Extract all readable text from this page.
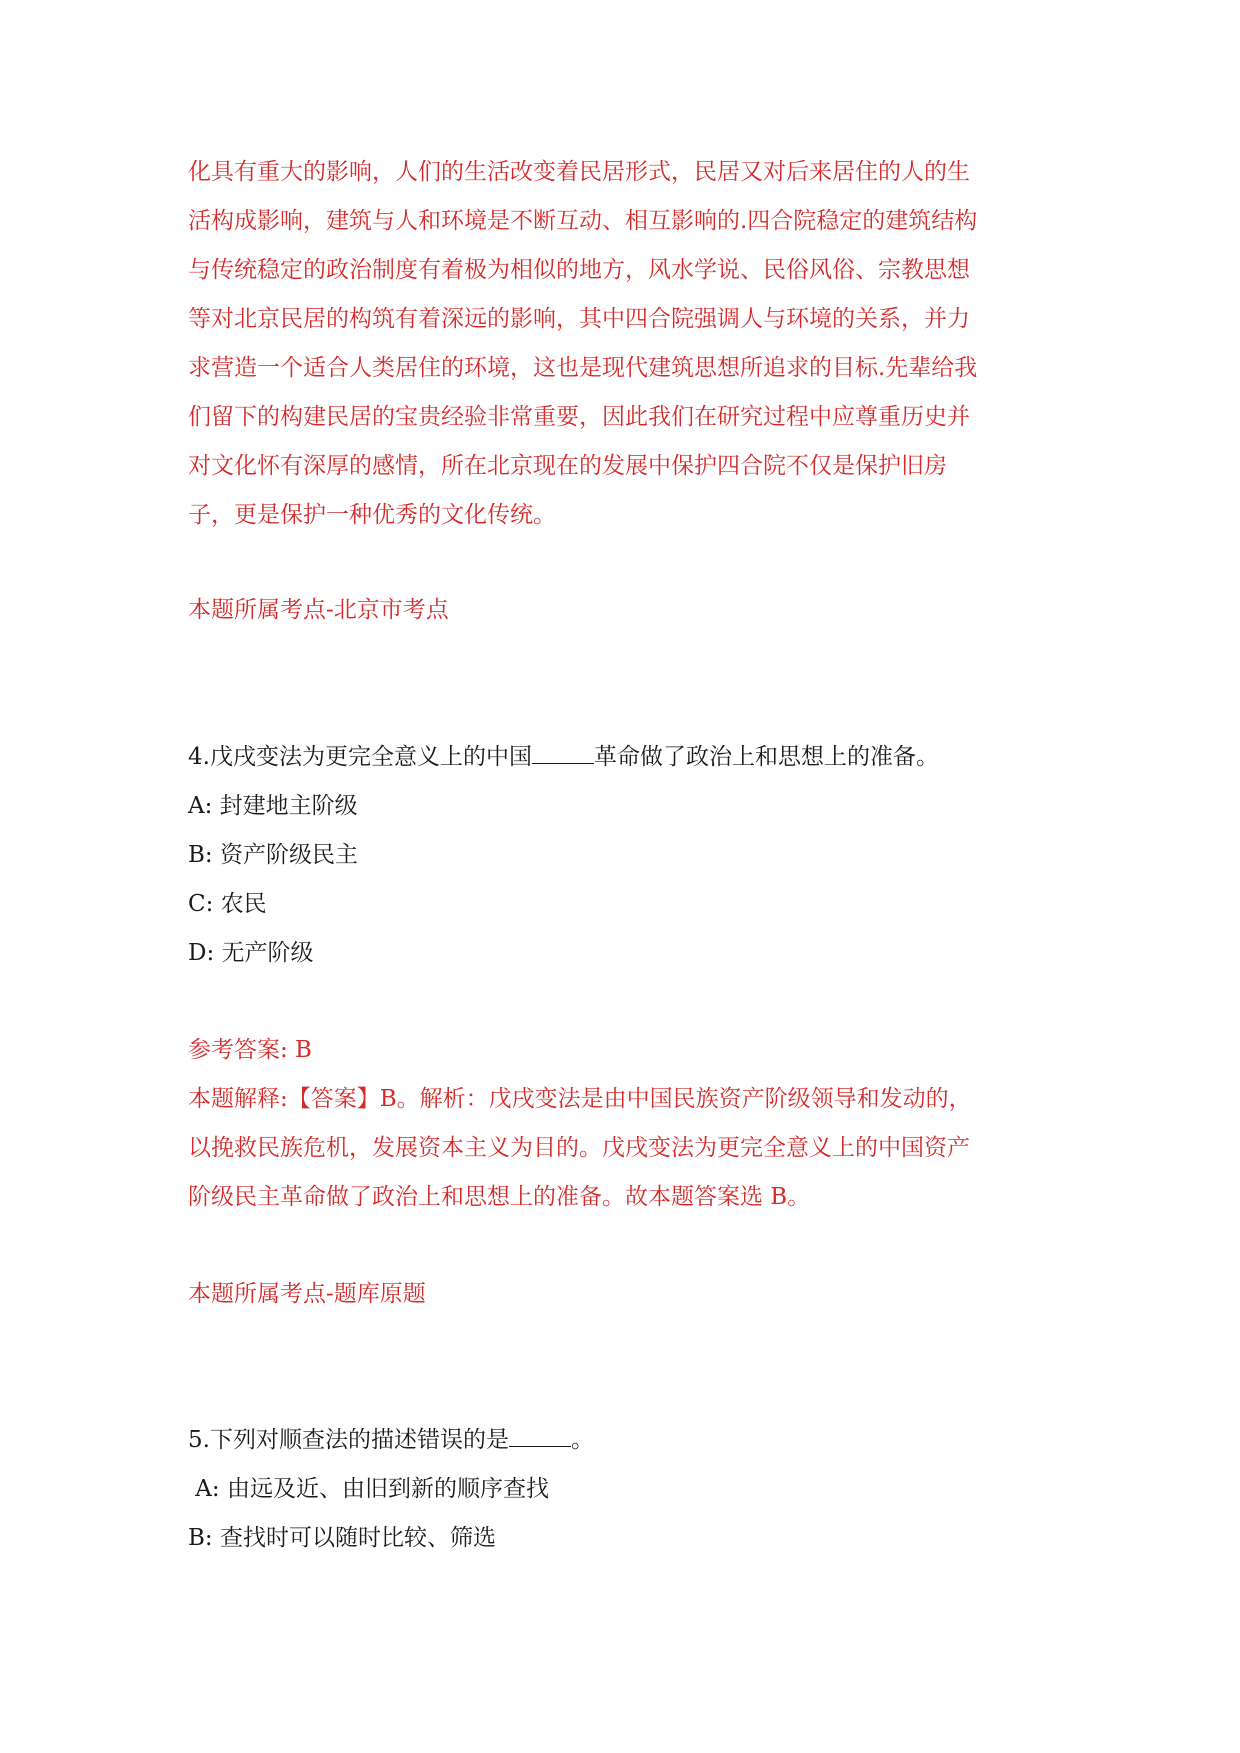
化具有重大的影响，人们的生活改变着民居形式，民居又对后来居住的人的生
活构成影响，建筑与人和环境是不断互动、相互影响的.四合院稳定的建筑结构
与传统稳定的政治制度有着极为相似的地方，风水学说、民俗风俗、宗教思想
等对北京民居的构筑有着深远的影响，其中四合院强调人与环境的关系，并力
求营造一个适合人类居住的环境，这也是现代建筑思想所追求的目标.先辈给我
们留下的构建民居的宝贵经验非常重要，因此我们在研究过程中应尊重历史并
对文化怀有深厚的感情，所在北京现在的发展中保护四合院不仅是保护旧房
子，更是保护一种优秀的文化传统。
本题所属考点-北京市考点
4.戊戌变法为更完全意义上的中国	革命做了政治上和思想上的准备。
A: 封建地主阶级
B: 资产阶级民主
C: 农民
D: 无产阶级
参考答案: B
本题解释:【答案】B。解析：戊戌变法是由中国民族资产阶级领导和发动的，
以挽救民族危机，发展资本主义为目的。戊戌变法为更完全意义上的中国资产
阶级民主革命做了政治上和思想上的准备。故本题答案选 B。
本题所属考点-题库原题
5.下列对顺查法的描述错误的是	。
A: 由远及近、由旧到新的顺序查找
B: 查找时可以随时比较、筛选
